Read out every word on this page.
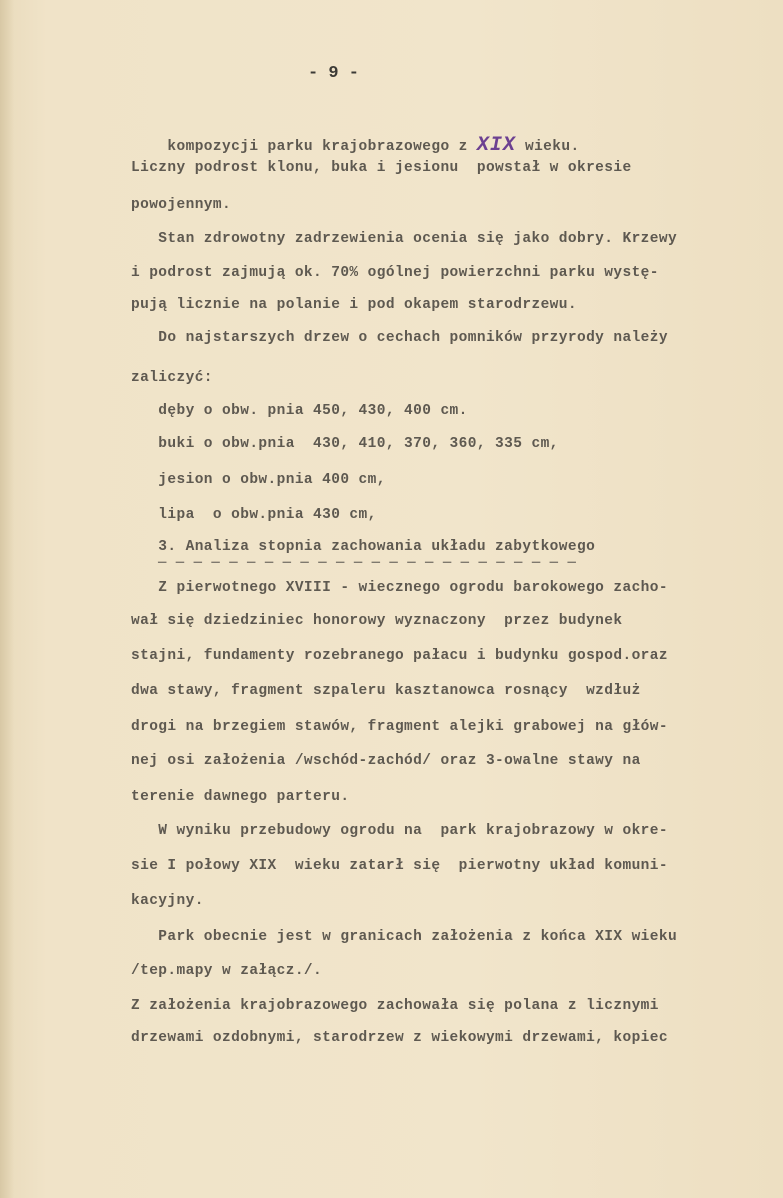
- 9 -

kompozycji parku krajobrazowego z XIX wieku.

Liczny podrost klonu, buka i jesionu  powstał w okresie
powojennym.
Stan zdrowotny zadrzewienia ocenia się jako dobry. Krzewy
i podrost zajmują ok. 70% ogólnej powierzchni parku wystę-
pują licznie na polanie i pod okapem starodrzewu.
Do najstarszych drzew o cechach pomników przyrody należy
zaliczyć:
dęby o obw. pnia 450, 430, 400 cm.
buki o obw.pnia  430, 410, 370, 360, 335 cm,
jesion o obw.pnia 400 cm,
lipa  o obw.pnia 430 cm,
3. Analiza stopnia zachowania układu zabytkowego
— — — — — — — — — — — — — — — — — — — — — — — —
Z pierwotnego XVIII - wiecznego ogrodu barokowego zacho-
wał się dziedziniec honorowy wyznaczony  przez budynek
stajni, fundamenty rozebranego pałacu i budynku gospod.oraz
dwa stawy, fragment szpaleru kasztanowca rosnący  wzdłuż
drogi na brzegiem stawów, fragment alejki grabowej na głów-
nej osi założenia /wschód-zachód/ oraz 3-owalne stawy na
terenie dawnego parteru.
W wyniku przebudowy ogrodu na  park krajobrazowy w okre-
sie I połowy XIX  wieku zatarł się  pierwotny układ komuni-
kacyjny.
Park obecnie jest w granicach założenia z końca XIX wieku
/tep.mapy w załącz./.
Z założenia krajobrazowego zachowała się polana z licznymi
drzewami ozdobnymi, starodrzew z wiekowymi drzewami, kopiec
